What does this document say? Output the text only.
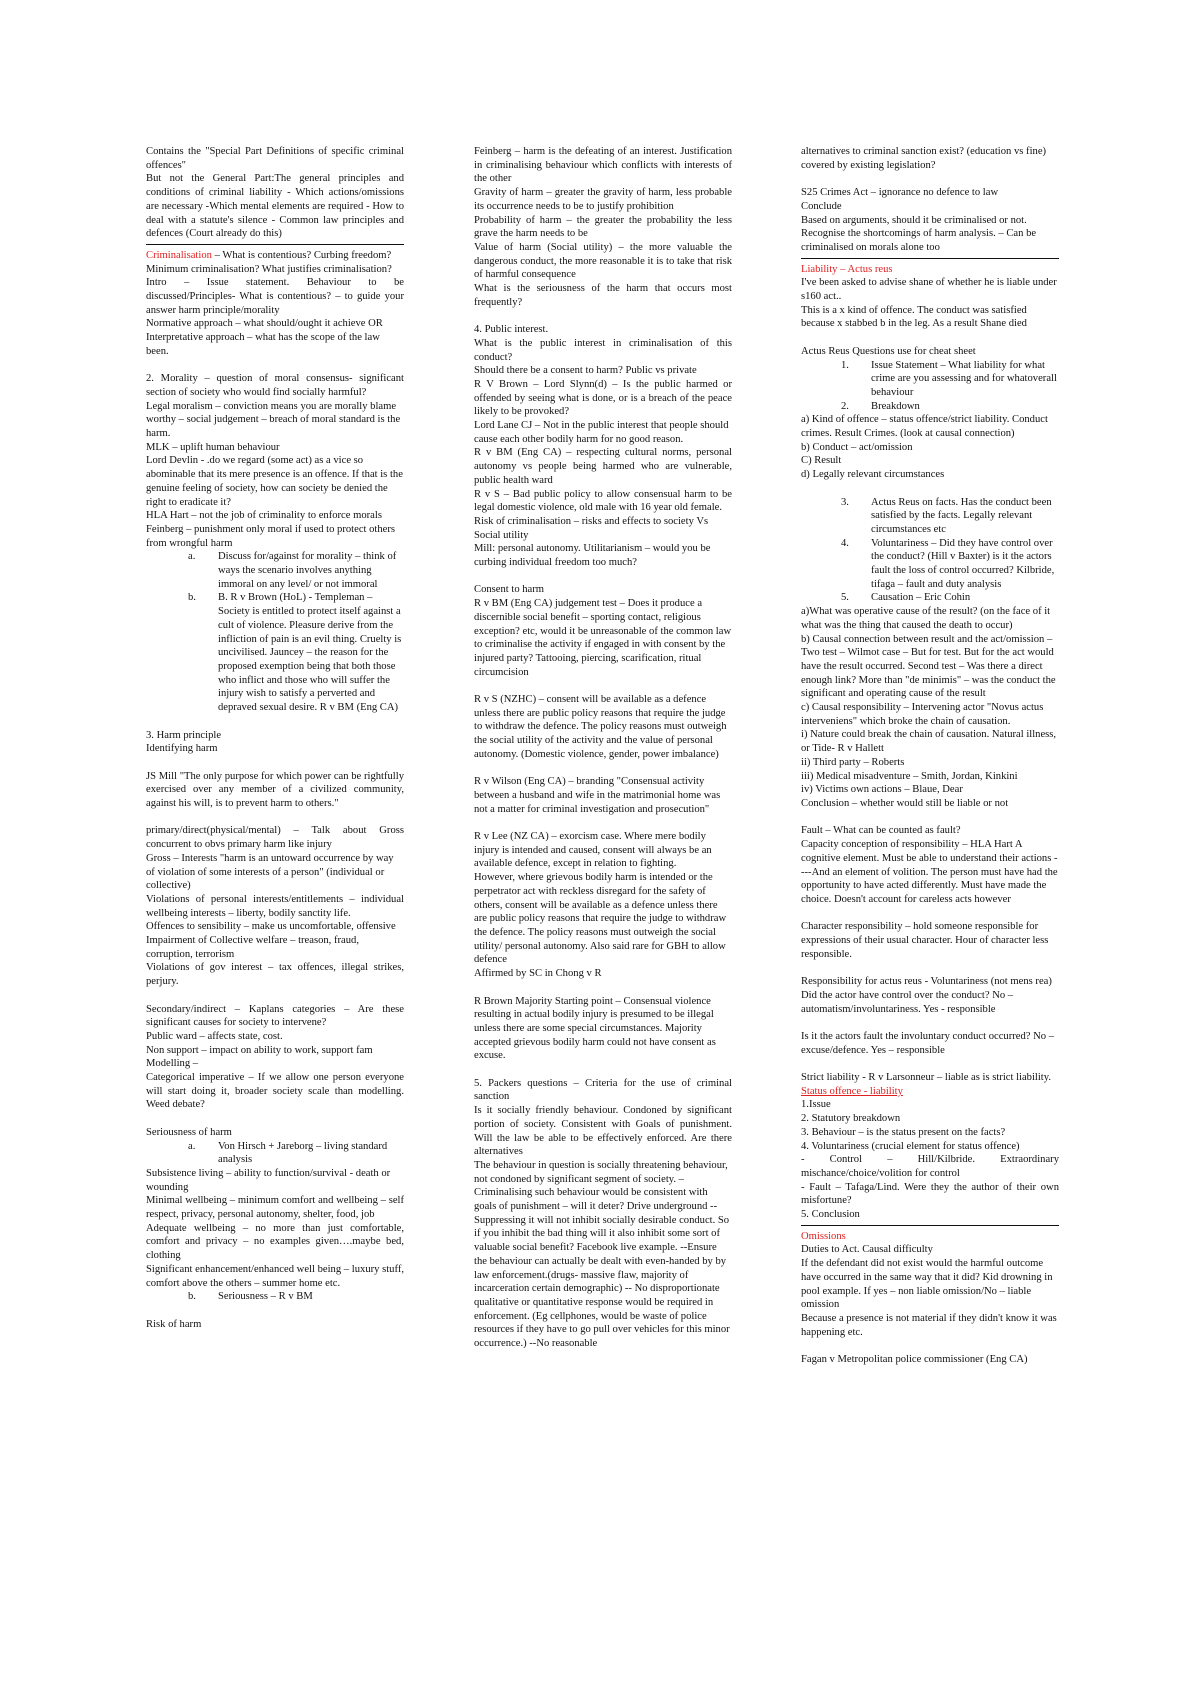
Contains the "Special Part Definitions of specific criminal offences"

But not the General Part:The general principles and conditions of criminal liability - Which actions/omissions are necessary -Which mental elements are required - How to deal with a statute's silence - Common law principles and defences (Court already do this)

Criminalisation – What is contentious? Curbing freedom? Minimum criminalisation? What justifies criminalisation?

Intro – Issue statement. Behaviour to be discussed/Principles- What is contentious? – to guide your answer harm principle/morality

Normative approach – what should/ought it achieve OR Interpretative approach – what has the scope of the law been.

2. Morality – question of moral consensus- significant section of society who would find socially harmful?

Legal moralism – conviction means you are morally blame worthy – social judgement – breach of moral standard is the harm.

MLK – uplift human behaviour

Lord Devlin - .do we regard (some act) as a vice so abominable that its mere presence is an offence. If that is the genuine feeling of society, how can society be denied the right to eradicate it?

HLA Hart – not the job of criminality to enforce morals

Feinberg – punishment only moral if used to protect others from wrongful harm

a. Discuss for/against for morality – think of ways the scenario involves anything immoral on any level/ or not immoral
b. B. R v Brown (HoL) - Templeman – Society is entitled to protect itself against a cult of violence. Pleasure derive from the infliction of pain is an evil thing. Cruelty is uncivilised. Jauncey – the reason for the proposed exemption being that both those who inflict and those who will suffer the injury wish to satisfy a perverted and depraved sexual desire. R v BM (Eng CA)

3. Harm principle

Identifying harm

JS Mill "The only purpose for which power can be rightfully exercised over any member of a civilized community, against his will, is to prevent harm to others."

primary/direct(physical/mental) – Talk about Gross concurrent to obvs primary harm like injury

Gross – Interests "harm is an untoward occurrence by way of violation of some interests of a person" (individual or collective)

Violations of personal interests/entitlements – individual wellbeing interests – liberty, bodily sanctity life.

Offences to sensibility – make us uncomfortable, offensive

Impairment of Collective welfare – treason, fraud, corruption, terrorism

Violations of gov interest – tax offences, illegal strikes, perjury.

Secondary/indirect – Kaplans categories – Are these significant causes for society to intervene?

Public ward – affects state, cost.

Non support – impact on ability to work, support fam

Modelling –

Categorical imperative – If we allow one person everyone will start doing it, broader society scale than modelling. Weed debate?

Seriousness of harm

a. Von Hirsch + Jareborg – living standard analysis

Subsistence living – ability to function/survival - death or wounding

Minimal wellbeing – minimum comfort and wellbeing – self respect, privacy, personal autonomy, shelter, food, job

Adequate wellbeing – no more than just comfortable, comfort and privacy – no examples given….maybe bed, clothing

Significant enhancement/enhanced well being – luxury stuff, comfort above the others – summer home etc.

b. Seriousness – R v BM

Risk of harm

Feinberg – harm is the defeating of an interest. Justification in criminalising behaviour which conflicts with interests of the other

Gravity of harm – greater the gravity of harm, less probable its occurrence needs to be to justify prohibition

Probability of harm – the greater the probability the less grave the harm needs to be

Value of harm (Social utility) – the more valuable the dangerous conduct, the more reasonable it is to take that risk of harmful consequence

What is the seriousness of the harm that occurs most frequently?

4. Public interest.

What is the public interest in criminalisation of this conduct?

Should there be a consent to harm? Public vs private

R V Brown – Lord Slynn(d) – Is the public harmed or offended by seeing what is done, or is a breach of the peace likely to be provoked?

Lord Lane CJ – Not in the public interest that people should cause each other bodily harm for no good reason.

R v BM (Eng CA) – respecting cultural norms, personal autonomy vs people being harmed who are vulnerable, public health ward

R v S – Bad public policy to allow consensual harm to be legal domestic violence, old male with 16 year old female.

Risk of criminalisation – risks and effects to society Vs Social utility

Mill: personal autonomy. Utilitarianism – would you be curbing individual freedom too much?

Consent to harm

R v BM (Eng CA) judgement test – Does it produce a discernible social benefit – sporting contact, religious exception? etc, would it be unreasonable of the common law to criminalise the activity if engaged in with consent by the injured party? Tattooing, piercing, scarification, ritual circumcision

R v S (NZHC) – consent will be available as a defence unless there are public policy reasons that require the judge to withdraw the defence. The policy reasons must outweigh the social utility of the activity and the value of personal autonomy. (Domestic violence, gender, power imbalance)

R v Wilson (Eng CA) – branding "Consensual activity between a husband and wife in the matrimonial home was not a matter for criminal investigation and prosecution"

R v Lee (NZ CA) – exorcism case. Where mere bodily injury is intended and caused, consent will always be an available defence, except in relation to fighting.

However, where grievous bodily harm is intended or the perpetrator act with reckless disregard for the safety of others, consent will be available as a defence unless there are public policy reasons that require the judge to withdraw the defence. The policy reasons must outweigh the social utility/ personal autonomy. Also said rare for GBH to allow defence

Affirmed by SC in Chong v R

R Brown Majority Starting point – Consensual violence resulting in actual bodily injury is presumed to be illegal unless there are some special circumstances. Majority accepted grievous bodily harm could not have consent as excuse.

5. Packers questions – Criteria for the use of criminal sanction

Is it socially friendly behaviour. Condoned by significant portion of society. Consistent with Goals of punishment. Will the law be able to be effectively enforced. Are there alternatives

The behaviour in question is socially threatening behaviour, not condoned by significant segment of society. – Criminalising such behaviour would be consistent with goals of punishment – will it deter? Drive underground --Suppressing it will not inhibit socially desirable conduct. So if you inhibit the bad thing will it also inhibit some sort of valuable social benefit? Facebook live example. --Ensure the behaviour can actually be dealt with even-handed by by law enforcement.(drugs- massive flaw, majority of incarceration certain demographic) -- No disproportionate qualitative or quantitative response would be required in enforcement. (Eg cellphones, would be waste of police resources if they have to go pull over vehicles for this minor occurrence.) --No reasonable

alternatives to criminal sanction exist? (education vs fine) covered by existing legislation?

S25 Crimes Act – ignorance no defence to law

Conclude

Based on arguments, should it be criminalised or not.

Recognise the shortcomings of harm analysis. – Can be criminalised on morals alone too

Liability – Actus reus

I've been asked to advise shane of whether he is liable under s160 act..

This is a x kind of offence. The conduct was satisfied because x stabbed b in the leg. As a result Shane died

Actus Reus Questions use for cheat sheet

1. Issue Statement – What liability for what crime are you assessing and for whatoverall behaviour
2. Breakdown

a) Kind of offence – status offence/strict liability. Conduct crimes. Result Crimes. (look at causal connection)

b) Conduct – act/omission

C) Result

d) Legally relevant circumstances

3. Actus Reus on facts. Has the conduct been satisfied by the facts. Legally relevant circumstances etc
4. Voluntariness – Did they have control over the conduct? (Hill v Baxter) is it the actors fault the loss of control occurred? Kilbride, tifaga – fault and duty analysis
5. Causation – Eric Cohin

a)What was operative cause of the result? (on the face of it what was the thing that caused the death to occur)

b) Causal connection between result and the act/omission – Two test – Wilmot case – But for test. But for the act would have the result occurred. Second test – Was there a direct enough link? More than "de minimis" – was the conduct the significant and operating cause of the result

c) Causal responsibility – Intervening actor "Novus actus interveniens" which broke the chain of causation.

i) Nature could break the chain of causation. Natural illness, or Tide- R v Hallett

ii) Third party – Roberts

iii) Medical misadventure – Smith, Jordan, Kinkini

iv) Victims own actions – Blaue, Dear

Conclusion – whether would still be liable or not

Fault – What can be counted as fault?

Capacity conception of responsibility – HLA Hart A cognitive element. Must be able to understand their actions ----And an element of volition. The person must have had the opportunity to have acted differently. Must have made the choice. Doesn't account for careless acts however

Character responsibility – hold someone responsible for expressions of their usual character. Hour of character less responsible.

Responsibility for actus reus - Voluntariness (not mens rea)

Did the actor have control over the conduct? No – automatism/involuntariness. Yes - responsible

Is it the actors fault the involuntary conduct occurred? No – excuse/defence. Yes – responsible

Strict liability - R v Larsonneur – liable as is strict liability.

Status offence - liability

1.Issue

2. Statutory breakdown

3. Behaviour – is the status present on the facts?

4. Voluntariness (crucial element for status offence)

- Control – Hill/Kilbride. Extraordinary mischance/choice/volition for control

- Fault – Tafaga/Lind. Were they the author of their own misfortune?

5. Conclusion

Omissions

Duties to Act. Causal difficulty

If the defendant did not exist would the harmful outcome have occurred in the same way that it did? Kid drowning in pool example. If yes – non liable omission/No – liable omission

Because a presence is not material if they didn't know it was happening etc.

Fagan v Metropolitan police commissioner (Eng CA)
